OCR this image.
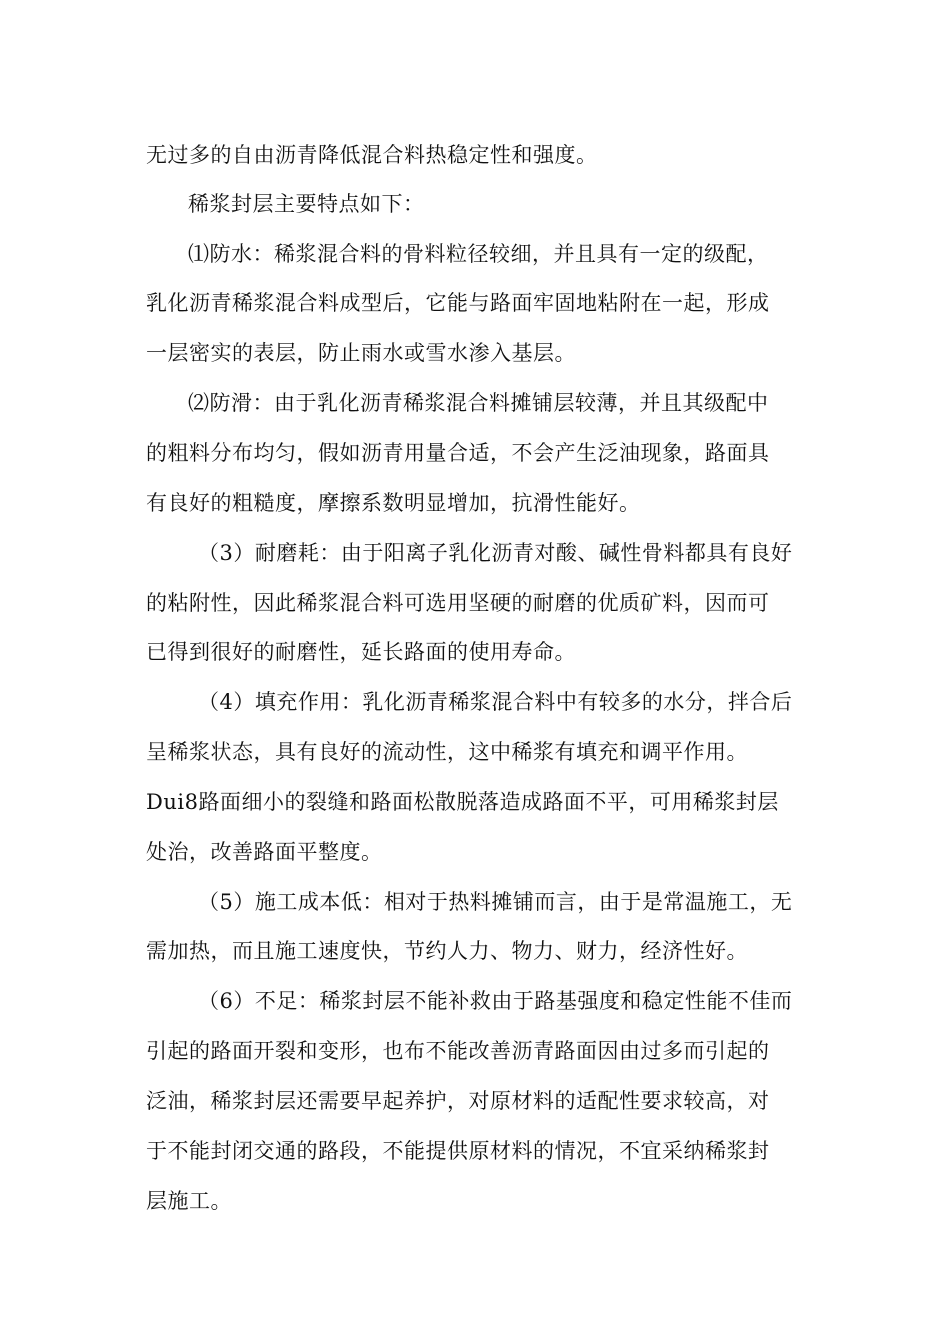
无过多的自由沥青降低混合料热稳定性和强度。
稀浆封层主要特点如下：
⑴防水：稀浆混合料的骨料粒径较细，并且具有一定的级配，
乳化沥青稀浆混合料成型后，它能与路面牢固地粘附在一起，形成
一层密实的表层，防止雨水或雪水渗入基层。
⑵防滑：由于乳化沥青稀浆混合料摊铺层较薄，并且其级配中
的粗料分布均匀，假如沥青用量合适，不会产生泛油现象，路面具
有良好的粗糙度，摩擦系数明显增加，抗滑性能好。
（3）耐磨耗：由于阳离子乳化沥青对酸、碱性骨料都具有良好
的粘附性，因此稀浆混合料可选用坚硬的耐磨的优质矿料，因而可
已得到很好的耐磨性，延长路面的使用寿命。
（4）填充作用：乳化沥青稀浆混合料中有较多的水分，拌合后
呈稀浆状态，具有良好的流动性，这中稀浆有填充和调平作用。
Dui8路面细小的裂缝和路面松散脱落造成路面不平，可用稀浆封层
处治，改善路面平整度。
（5）施工成本低：相对于热料摊铺而言，由于是常温施工，无
需加热，而且施工速度快，节约人力、物力、财力，经济性好。
（6）不足：稀浆封层不能补救由于路基强度和稳定性能不佳而
引起的路面开裂和变形，也布不能改善沥青路面因由过多而引起的
泛油，稀浆封层还需要早起养护，对原材料的适配性要求较高，对
于不能封闭交通的路段，不能提供原材料的情况，不宜采纳稀浆封
层施工。
